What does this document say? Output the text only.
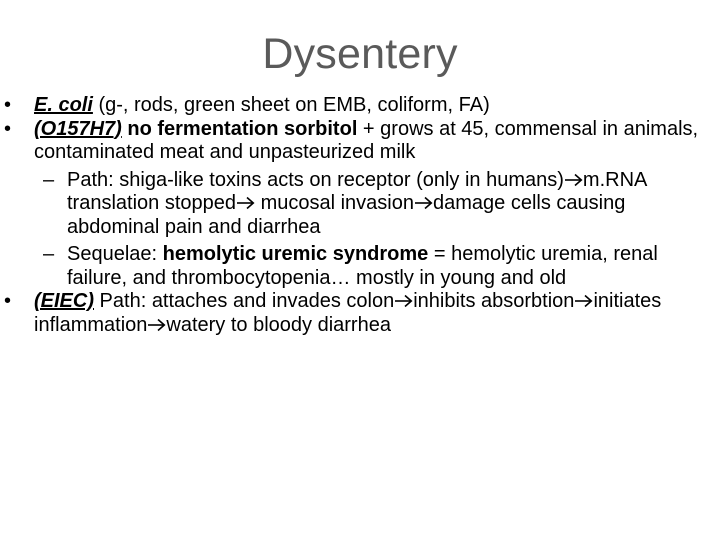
Dysentery
• E. coli (g-, rods, green sheet on EMB, coliform, FA)
• (O157H7) no fermentation sorbitol + grows at 45, commensal in animals, contaminated meat and unpasteurized milk
– Path: shiga-like toxins acts on receptor (only in humans) m.RNA translation stopped
mucosal invasion damage cells causing abdominal pain and diarrhea
– Sequelae: hemolytic uremic syndrome = hemolytic uremia, renal failure, and thrombocytopenia… mostly in young and old
• (EIEC) Path: attaches and invades colon inhibits absorbtion initiates inflammation watery to bloody diarrhea
